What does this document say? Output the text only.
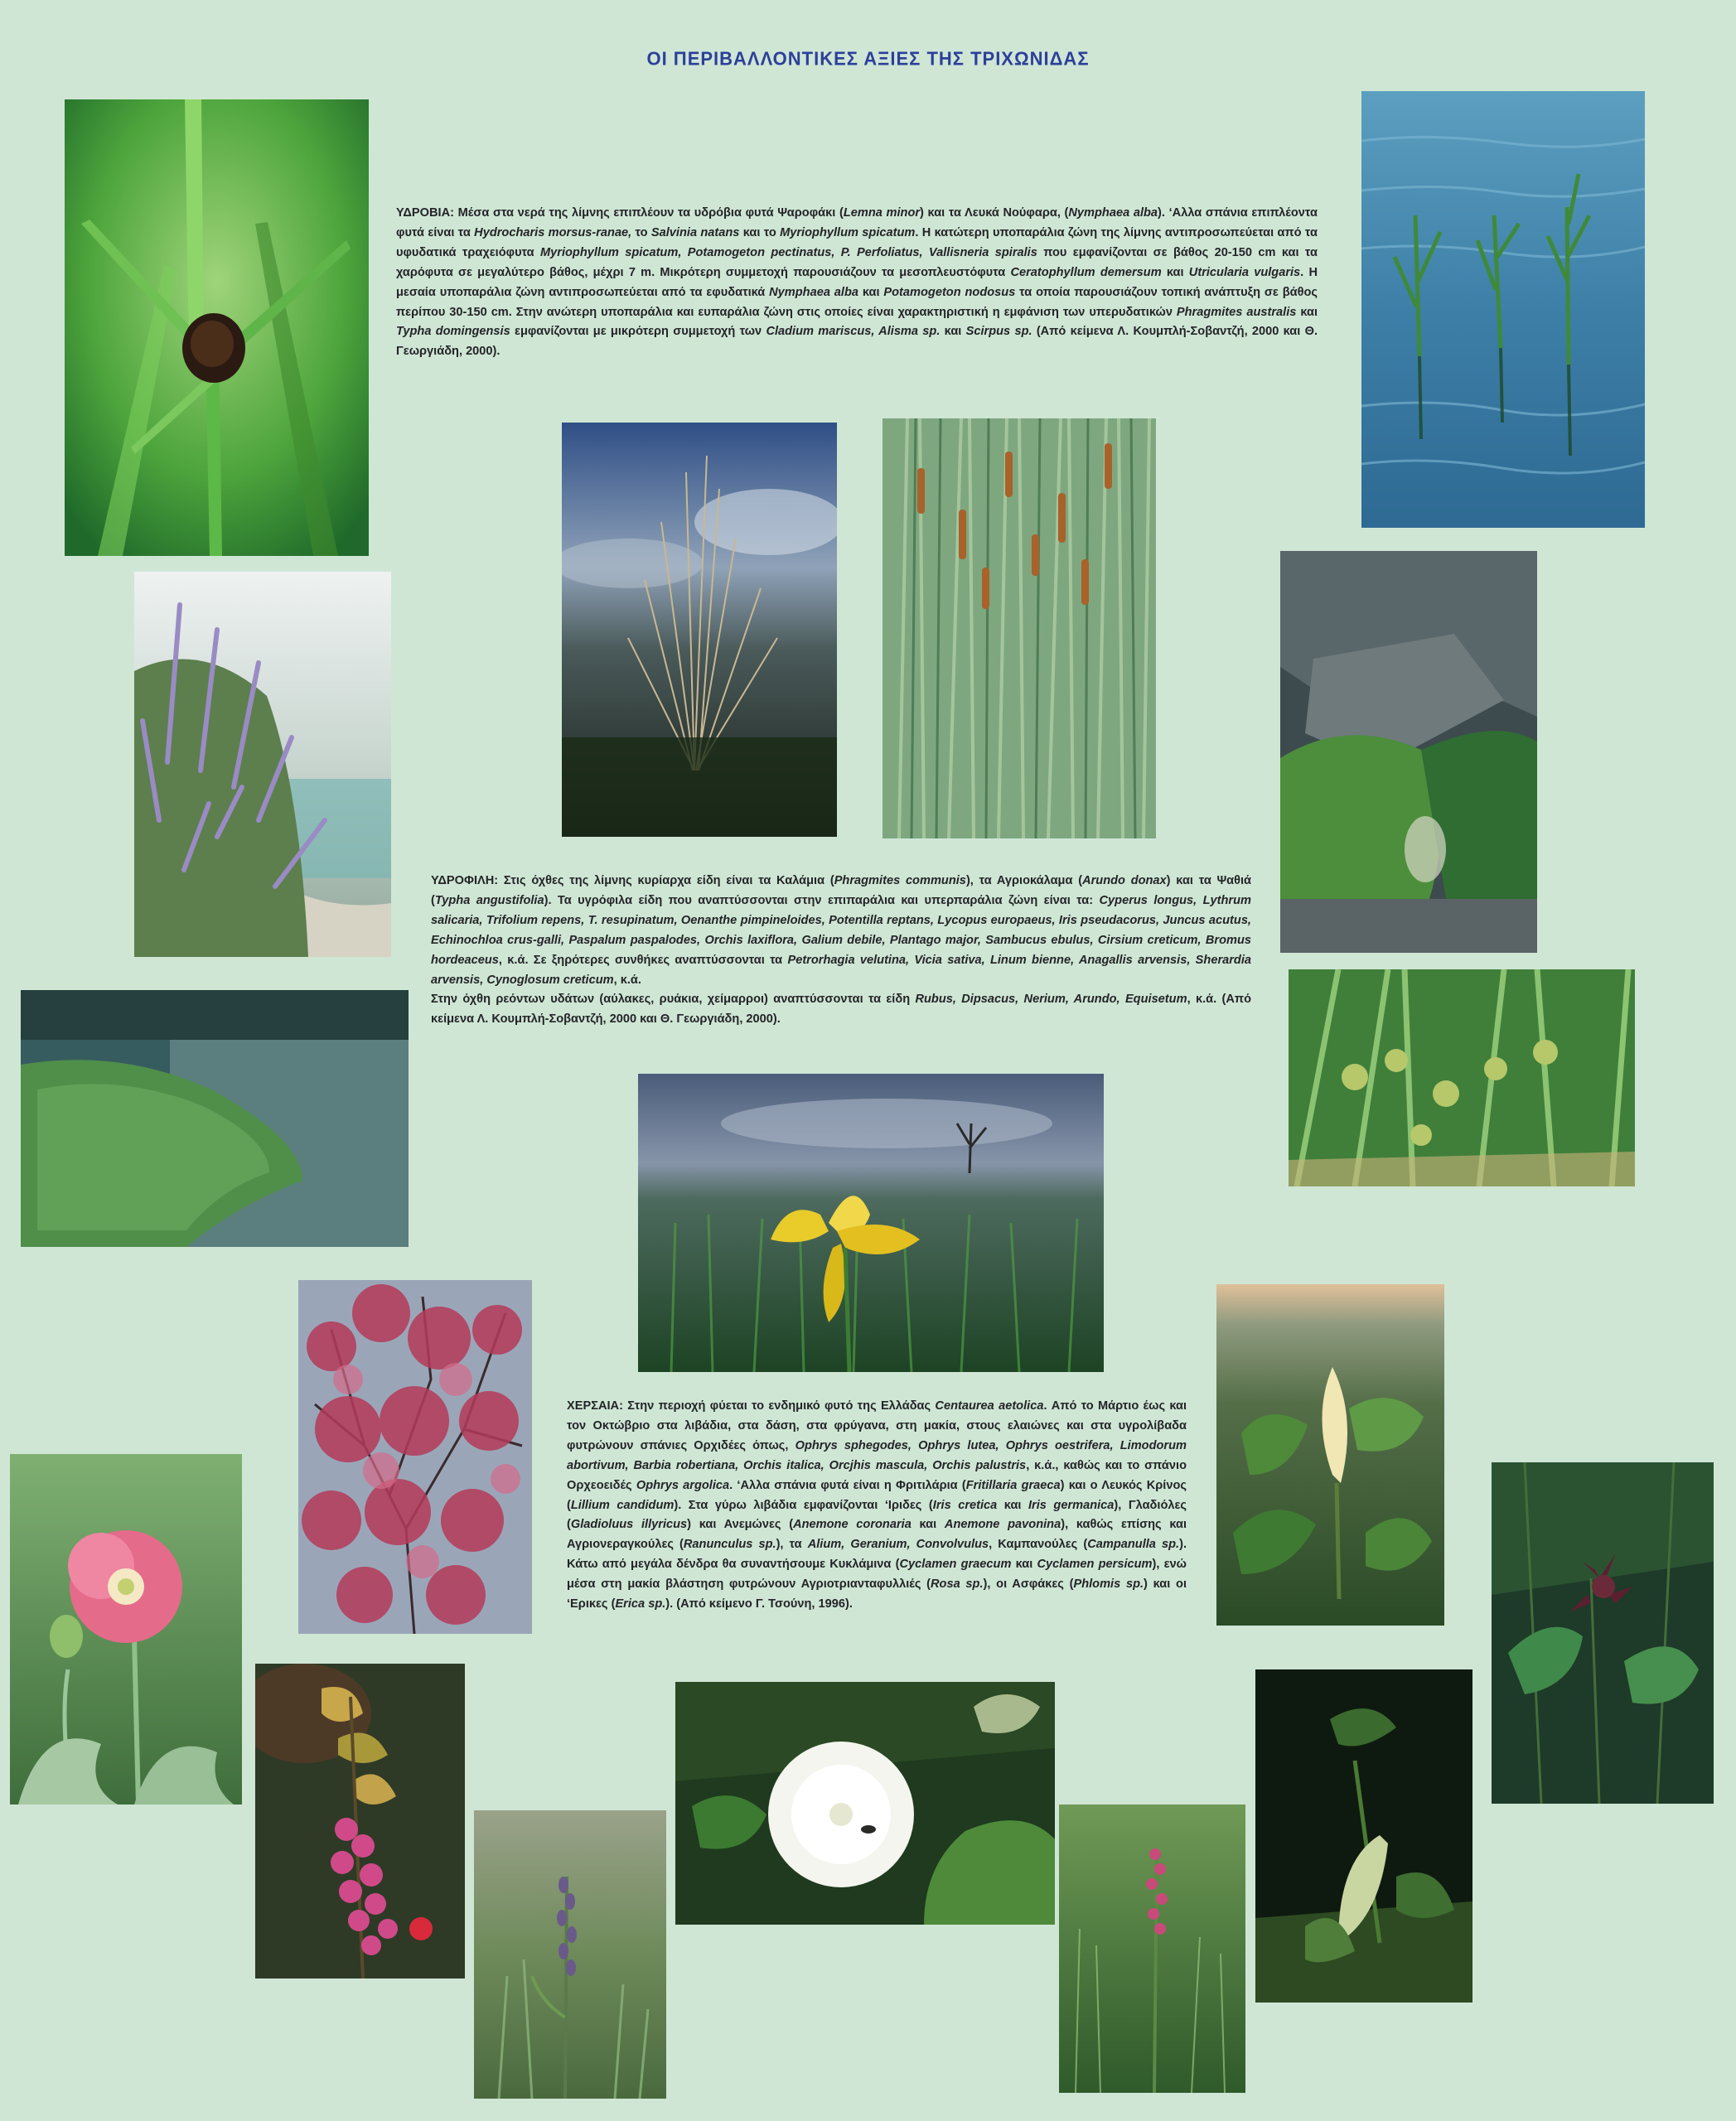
ΟΙ ΠΕΡΙΒΑΛΛΟΝΤΙΚΕΣ ΑΞΙΕΣ ΤΗΣ ΤΡΙΧΩΝΙΔΑΣ

ΥΔΡΟΒΙΑ: Μέσα στα νερά της λίμνης επιπλέουν τα υδρόβια φυτά Ψαροφάκι (Lemna minor) και τα Λευκά Νούφαρα, (Nymphaea alba). ‘Αλλα σπάνια επιπλέοντα φυτά είναι τα Hydrocharis morsus-ranae, το Salvinia natans και το Myriophyllum spicatum. Η κατώτερη υποπαράλια ζώνη της λίμνης αντιπροσωπεύεται από τα υφυδατικά τραχειόφυτα Myriophyllum spicatum, Potamogeton pectinatus, P. Perfoliatus, Vallisneria spiralis που εμφανίζονται σε βάθος 20-150 cm και τα χαρόφυτα σε μεγαλύτερο βάθος, μέχρι 7 m. Μικρότερη συμμετοχή παρουσιάζουν τα μεσοπλευστόφυτα Ceratophyllum demersum και Utricularia vulgaris. Η μεσαία υποπαράλια ζώνη αντιπροσωπεύεται από τα εφυδατικά Nymphaea alba και Potamogeton nodosus τα οποία παρουσιάζουν τοπική ανάπτυξη σε βάθος περίπου 30-150 cm. Στην ανώτερη υποπαράλια και ευπαράλια ζώνη στις οποίες είναι χαρακτηριστική η εμφάνιση των υπερυδατικών Phragmites australis και Typha domingensis εμφανίζονται με μικρότερη συμμετοχή των Cladium mariscus, Alisma sp. και Scirpus sp. (Από κείμενα Λ. Κουμπλή-Σοβαντζή, 2000 και Θ. Γεωργιάδη, 2000).

ΥΔΡΟΦΙΛΗ: Στις όχθες της λίμνης κυρίαρχα είδη είναι τα Καλάμια (Phragmites communis), τα Αγριοκάλαμα (Arundo donax) και τα Ψαθιά (Typha angustifolia). Τα υγρόφιλα είδη που αναπτύσσονται στην επιπαράλια και υπερπαράλια ζώνη είναι τα: Cyperus longus, Lythrum salicaria, Trifolium repens, T. resupinatum, Oenanthe pimpineloides, Potentilla reptans, Lycopus europaeus, Iris pseudacorus, Juncus acutus, Echinochloa crus-galli, Paspalum paspalodes, Orchis laxiflora, Galium debile, Plantago major, Sambucus ebulus, Cirsium creticum, Bromus hordeaceus, κ.ά. Σε ξηρότερες συνθήκες αναπτύσσονται τα Petrorhagia velutina, Vicia sativa, Linum bienne, Anagallis arvensis, Sherardia arvensis, Cynoglosum creticum, κ.ά.

Στην όχθη ρεόντων υδάτων (αύλακες, ρυάκια, χείμαρροι) αναπτύσσονται τα είδη Rubus, Dipsacus, Nerium, Arundo, Equisetum, κ.ά. (Από κείμενα Λ. Κουμπλή-Σοβαντζή, 2000 και Θ. Γεωργιάδη, 2000).

ΧΕΡΣΑΙΑ: Στην περιοχή φύεται το ενδημικό φυτό της Ελλάδας Centaurea aetolica. Από το Μάρτιο έως και τον Οκτώβριο στα λιβάδια, στα δάση, στα φρύγανα, στη μακία, στους ελαιώνες και στα υγρολίβαδα φυτρώνουν σπάνιες Ορχιδέες όπως, Ophrys sphegodes, Ophrys lutea, Ophrys oestrifera, Limodorum abortivum, Barbia robertiana, Orchis italica, Orcjhis mascula, Orchis palustris, κ.ά., καθώς και το σπάνιο Ορχεοειδές Ophrys argolica. ‘Αλλα σπάνια φυτά είναι η Φριτιλάρια (Fritillaria graeca) και ο Λευκός Κρίνος (Lillium candidum). Στα γύρω λιβάδια εμφανίζονται ‘Ιριδες (Iris cretica και Iris germanica), Γλαδιόλες (Gladioluus illyricus) και Ανεμώνες (Anemone coronaria και Anemone pavonina), καθώς επίσης και Αγριονεραγκούλες (Ranunculus sp.), τα Alium, Geranium, Convolvulus, Καμπανούλες (Campanulla sp.). Κάτω από μεγάλα δένδρα θα συναντήσουμε Κυκλάμινα (Cyclamen graecum και Cyclamen persicum), ενώ μέσα στη μακία βλάστηση φυτρώνουν Αγριοτριανταφυλλιές (Rosa sp.), οι Ασφάκες (Phlomis sp.) και οι ‘Ερικες (Erica sp.). (Από κείμενο Γ. Τσούνη, 1996).
